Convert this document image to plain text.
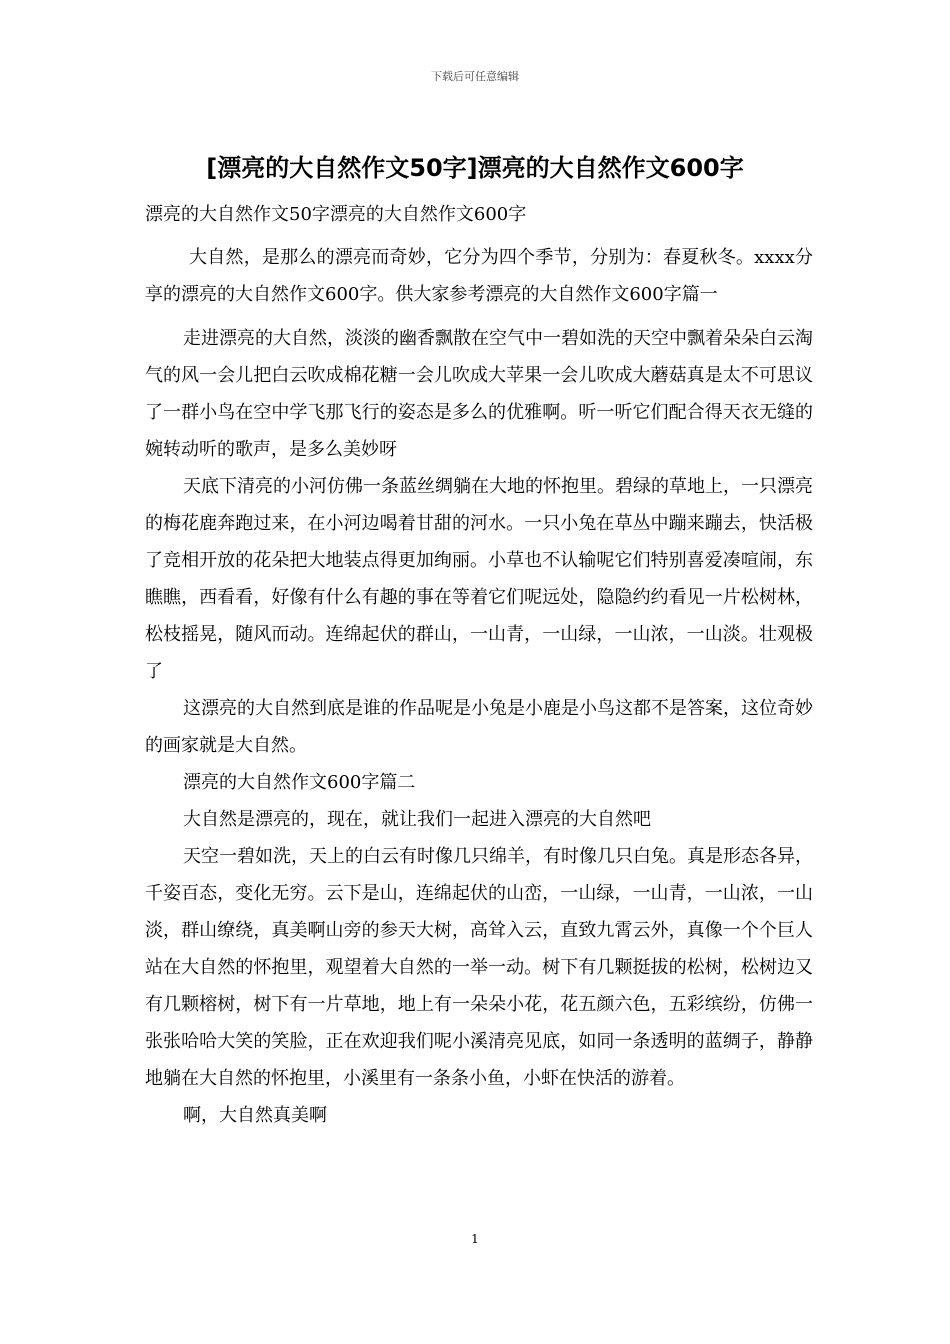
下载后可任意编辑
[漂亮的大自然作文50字]漂亮的大自然作文600字

漂亮的大自然作文50字漂亮的大自然作文600字

大自然，是那么的漂亮而奇妙，它分为四个季节，分别为：春夏秋冬。xxxx分享的漂亮的大自然作文600字。供大家参考漂亮的大自然作文600字篇一

走进漂亮的大自然，淡淡的幽香飘散在空气中一碧如洗的天空中飘着朵朵白云淘气的风一会儿把白云吹成棉花糖一会儿吹成大苹果一会儿吹成大蘑菇真是太不可思议了一群小鸟在空中学飞那飞行的姿态是多么的优雅啊。听一听它们配合得天衣无缝的婉转动听的歌声，是多么美妙呀

天底下清亮的小河仿佛一条蓝丝绸躺在大地的怀抱里。碧绿的草地上，一只漂亮的梅花鹿奔跑过来，在小河边喝着甘甜的河水。一只小兔在草丛中蹦来蹦去，快活极了竞相开放的花朵把大地装点得更加绚丽。小草也不认输呢它们特别喜爱凑喧闹，东瞧瞧，西看看，好像有什么有趣的事在等着它们呢远处，隐隐约约看见一片松树林，松枝摇晃，随风而动。连绵起伏的群山，一山青，一山绿，一山浓，一山淡。壮观极了

这漂亮的大自然到底是谁的作品呢是小兔是小鹿是小鸟这都不是答案，这位奇妙的画家就是大自然。

漂亮的大自然作文600字篇二

大自然是漂亮的，现在，就让我们一起进入漂亮的大自然吧

天空一碧如洗，天上的白云有时像几只绵羊，有时像几只白兔。真是形态各异，千姿百态，变化无穷。云下是山，连绵起伏的山峦，一山绿，一山青，一山浓，一山淡，群山缭绕，真美啊山旁的参天大树，高耸入云，直致九霄云外，真像一个个巨人站在大自然的怀抱里，观望着大自然的一举一动。树下有几颗挺拔的松树，松树边又有几颗榕树，树下有一片草地，地上有一朵朵小花，花五颜六色，五彩缤纷，仿佛一张张哈哈大笑的笑脸，正在欢迎我们呢小溪清亮见底，如同一条透明的蓝绸子，静静地躺在大自然的怀抱里，小溪里有一条条小鱼，小虾在快活的游着。

啊，大自然真美啊

1
